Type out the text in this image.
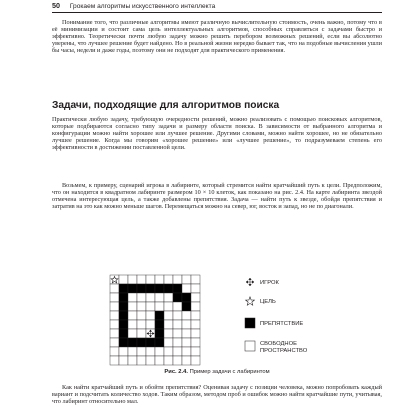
50 Грокаем алгоритмы искусственного интеллекта

Понимание того, что различные алгоритмы имеют различную вычислительную стоимость, очень важно, потому что в её минимизации и состоит сама цель интеллектуальных алгоритмов, способных справляться с задачами быстро и эффективно. Теоретически почти любую задачу можно решить перебором возможных решений, если вы абсолютно уверены, что лучшее решение будет найдено. Но в реальной жизни нередко бывает так, что на подобные вычисления ушли бы часы, недели и даже годы, поэтому они не подходят для практического применения.

Задачи, подходящие для алгоритмов поиска

Практически любую задачу, требующую очередности решений, можно реализовать с помощью поисковых алгоритмов, которые подбираются согласно типу задачи и размеру области поиска. В зависимости от выбранного алгоритма и конфигурации можно найти хорошее или лучшее решение. Другими словами, можно найти хорошее, но не обязательно лучшее решение. Когда мы говорим «хорошее решение» или «лучшее решение», то подразумеваем степень его эффективности в достижении поставленной цели.

Возьмем, к примеру, сценарий игрока в лабиринте, который стремится найти кратчайший путь к цели. Предположим, что он находится в квадратном лабиринте размером 10 × 10 клеток, как показано на рис. 2.4. На карте лабиринта звездой отмечена интересующая цель, а также добавлены препятствия. Задача — найти путь к звезде, обойдя препятствия и затратив на это как можно меньше шагов. Перемещаться можно на север, юг, восток и запад, но не по диагонали.

ИГРОК
ЦЕЛЬ
ПРЕПЯТСТВИЕ
СВОБОДНОЕ
ПРОСТРАНСТВО

Рис. 2.4. Пример задачи с лабиринтом

Как найти кратчайший путь и обойти препятствия? Оценивая задачу с позиции человека, можно попробовать каждый вариант и подсчитать количество ходов. Таким образом, методом проб и ошибок можно найти кратчайшие пути, учитывая, что лабиринт относительно мал.
